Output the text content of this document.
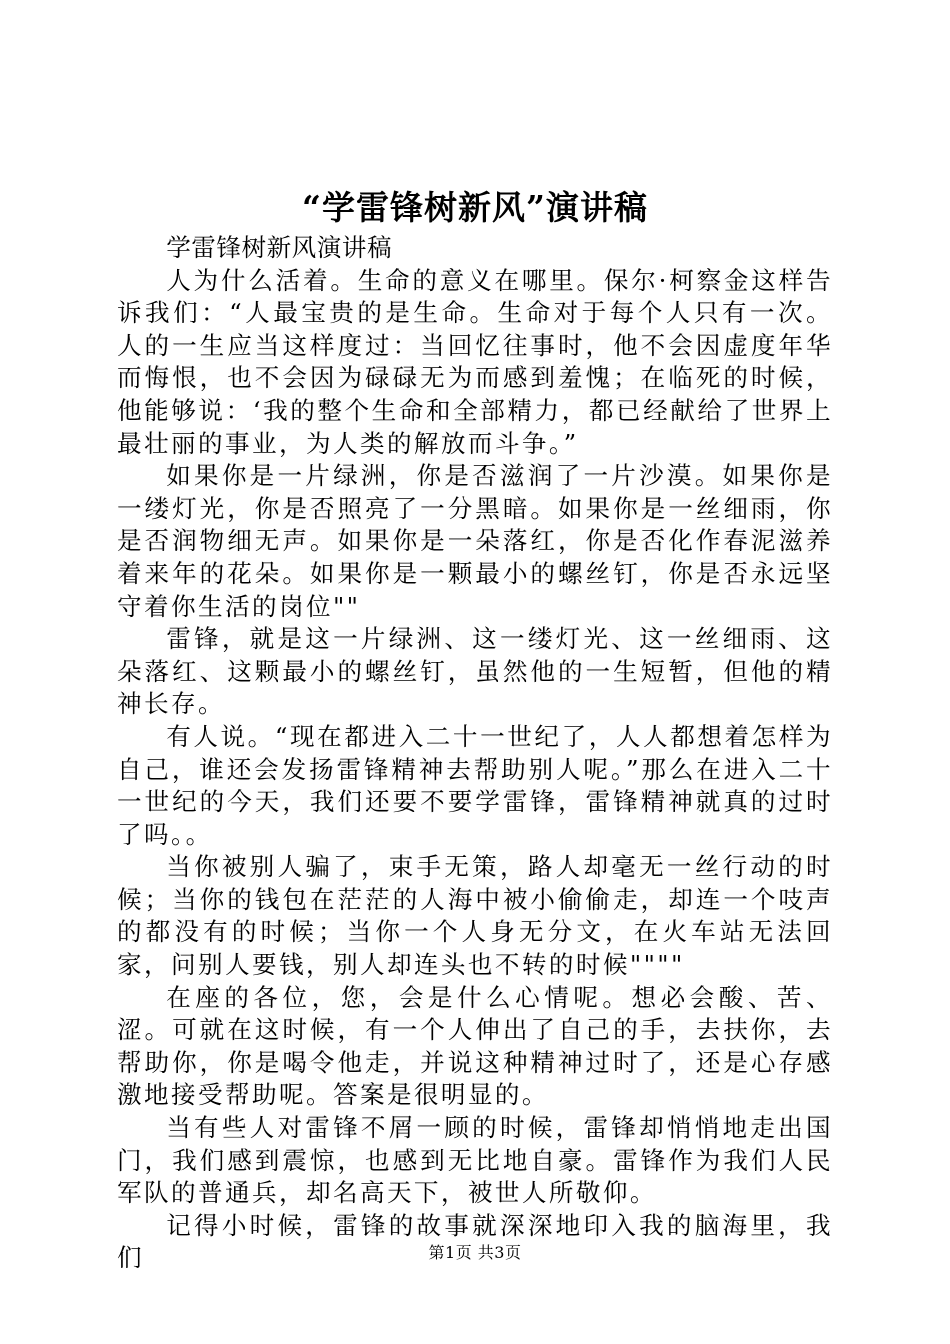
“学雷锋树新风”演讲稿

学雷锋树新风演讲稿

人为什么活着。生命的意义在哪里。保尔·柯察金这样告诉我们：“人最宝贵的是生命。生命对于每个人只有一次。人的一生应当这样度过：当回忆往事时，他不会因虚度年华而悔恨，也不会因为碌碌无为而感到羞愧；在临死的时候，他能够说：‘我的整个生命和全部精力，都已经献给了世界上最壮丽的事业，为人类的解放而斗争。”

如果你是一片绿洲，你是否滋润了一片沙漠。如果你是一缕灯光，你是否照亮了一分黑暗。如果你是一丝细雨，你是否润物细无声。如果你是一朵落红，你是否化作春泥滋养着来年的花朵。如果你是一颗最小的螺丝钉，你是否永远坚守着你生活的岗位""

雷锋，就是这一片绿洲、这一缕灯光、这一丝细雨、这朵落红、这颗最小的螺丝钉，虽然他的一生短暂，但他的精神长存。

有人说。“现在都进入二十一世纪了，人人都想着怎样为自己，谁还会发扬雷锋精神去帮助别人呢。”那么在进入二十一世纪的今天，我们还要不要学雷锋，雷锋精神就真的过时了吗。。

当你被别人骗了，束手无策，路人却毫无一丝行动的时候；当你的钱包在茫茫的人海中被小偷偷走，却连一个吱声的都没有的时候；当你一个人身无分文，在火车站无法回家，问别人要钱，别人却连头也不转的时候""""

在座的各位，您，会是什么心情呢。想必会酸、苦、涩。可就在这时候，有一个人伸出了自己的手，去扶你，去帮助你，你是喝令他走，并说这种精神过时了，还是心存感激地接受帮助呢。答案是很明显的。

当有些人对雷锋不屑一顾的时候，雷锋却悄悄地走出国门，我们感到震惊，也感到无比地自豪。雷锋作为我们人民军队的普通兵，却名高天下，被世人所敬仰。

记得小时候，雷锋的故事就深深地印入我的脑海里，我们	第1页 共3页
